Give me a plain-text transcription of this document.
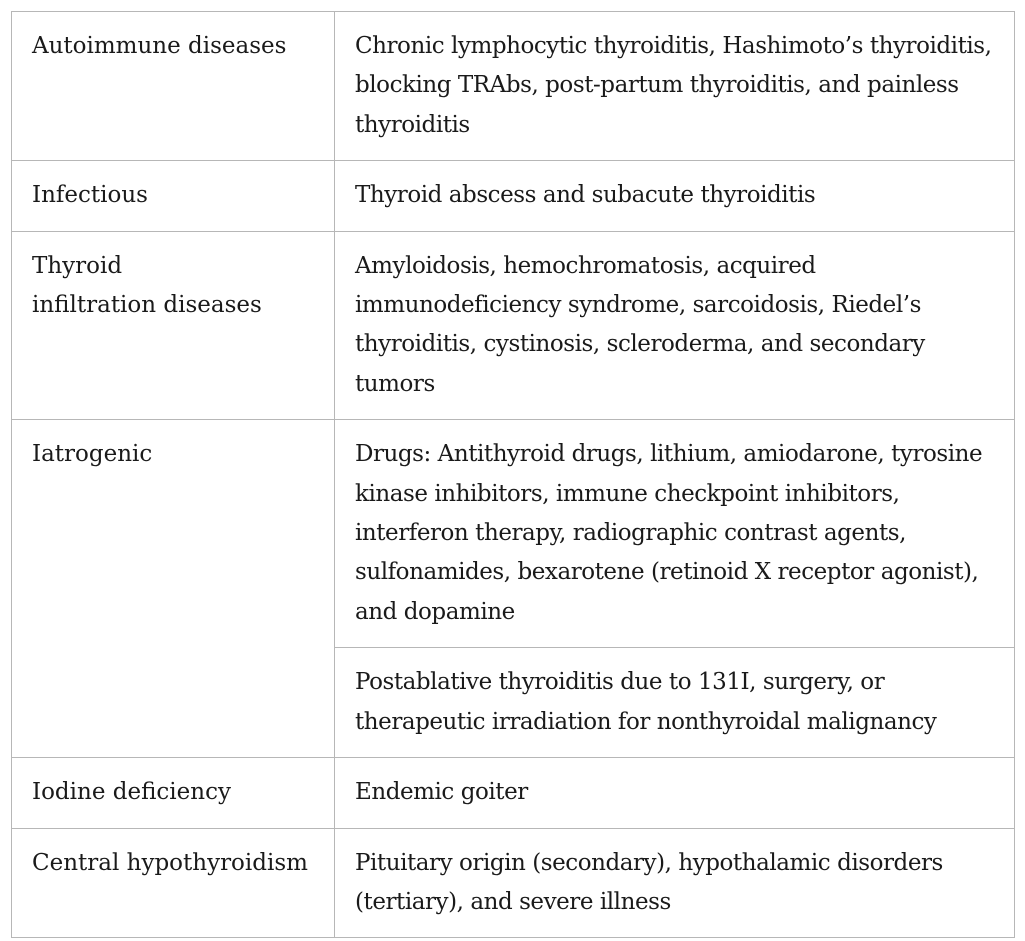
Autoimmune diseases	Chronic lymphocytic thyroiditis, Hashimoto’s thyroiditis, blocking TRAbs, post-partum thyroiditis, and painless thyroiditis

Infectious	Thyroid abscess and subacute thyroiditis

Thyroid
infiltration diseases	Amyloidosis, hemochromatosis, acquired immunodeficiency syndrome, sarcoidosis, Riedel’s thyroiditis, cystinosis, scleroderma, and secondary tumors

Iatrogenic	Drugs: Antithyroid drugs, lithium, amiodarone, tyrosine kinase inhibitors, immune checkpoint inhibitors, interferon therapy, radiographic contrast agents, sulfonamides, bexarotene (retinoid X receptor agonist), and dopamine
	Postablative thyroiditis due to 131I, surgery, or therapeutic irradiation for nonthyroidal malignancy

Iodine deficiency	Endemic goiter

Central hypothyroidism	Pituitary origin (secondary), hypothalamic disorders (tertiary), and severe illness
